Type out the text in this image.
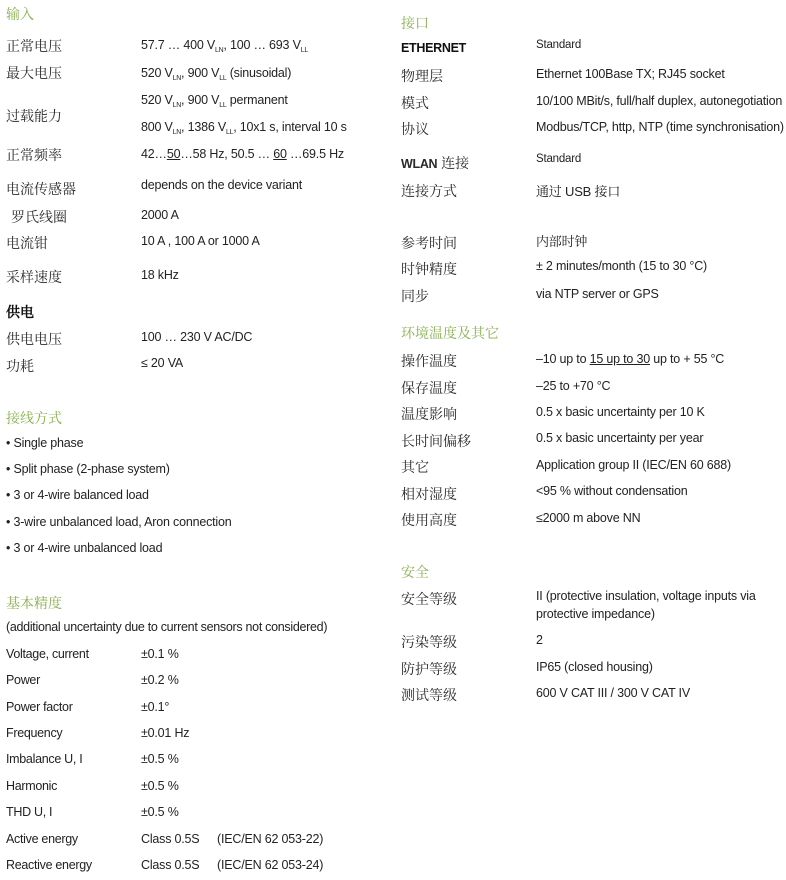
输入
正常电压	57.7 … 400 $V_{LN}$, 100 … 693 $V_{LL}$
最大电压	520 $V_{LN}$, 900 $V_{LL}$ (sinusoidal)
过载能力
520 $V_{LN}$, 900 $V_{LL}$ permanent
800 $V_{LN}$, 1386 $V_{LL}$, 10x1 s, interval 10 s
正常频率	42…50…58 Hz, 50.5 … 60 …69.5 Hz
电流传感器	depends on the device variant
罗氏线圈	2000 A
电流钳	10 A , 100 A or 1000 A
采样速度	18 kHz
供电
供电电压	100 … 230 V AC/DC
功耗	≤ 20 VA
接线方式
• Single phase
• Split phase (2-phase system)
• 3 or 4-wire balanced load
• 3-wire unbalanced load, Aron connection
• 3 or 4-wire unbalanced load
基本精度
(additional uncertainty due to current sensors not considered)
Voltage, current	±0.1 %
Power	±0.2 %
Power factor	±0.1°
Frequency	±0.01 Hz
Imbalance U, I	±0.5 %
Harmonic	±0.5 %
THD U, I	±0.5 %
Active energy	Class 0.5S (IEC/EN 62 053-22)
Reactive energy	Class 0.5S (IEC/EN 62 053-24)
接口
ETHERNET	Standard
物理层	Ethernet 100Base TX; RJ45 socket
模式	10/100 MBit/s, full/half duplex, autonegotiation
协议	Modbus/TCP, http, NTP (time synchronisation)
WLAN 连接	Standard
连接方式	通过 USB 接口
参考时间	内部时钟
时钟精度	± 2 minutes/month (15 to 30 °C)
同步	via NTP server or GPS
环境温度及其它
操作温度	–10 up to 15 up to 30 up to + 55 °C
保存温度	–25 to +70 °C
温度影响	0.5 x basic uncertainty per 10 K
长时间偏移	0.5 x basic uncertainty per year
其它	Application group II (IEC/EN 60 688)
相对湿度	<95 % without condensation
使用高度	≤2000 m above NN
安全
安全等级	II (protective insulation, voltage inputs via
protective impedance)
污染等级	2
防护等级	IP65 (closed housing)
测试等级	600 V CAT III / 300 V CAT IV
